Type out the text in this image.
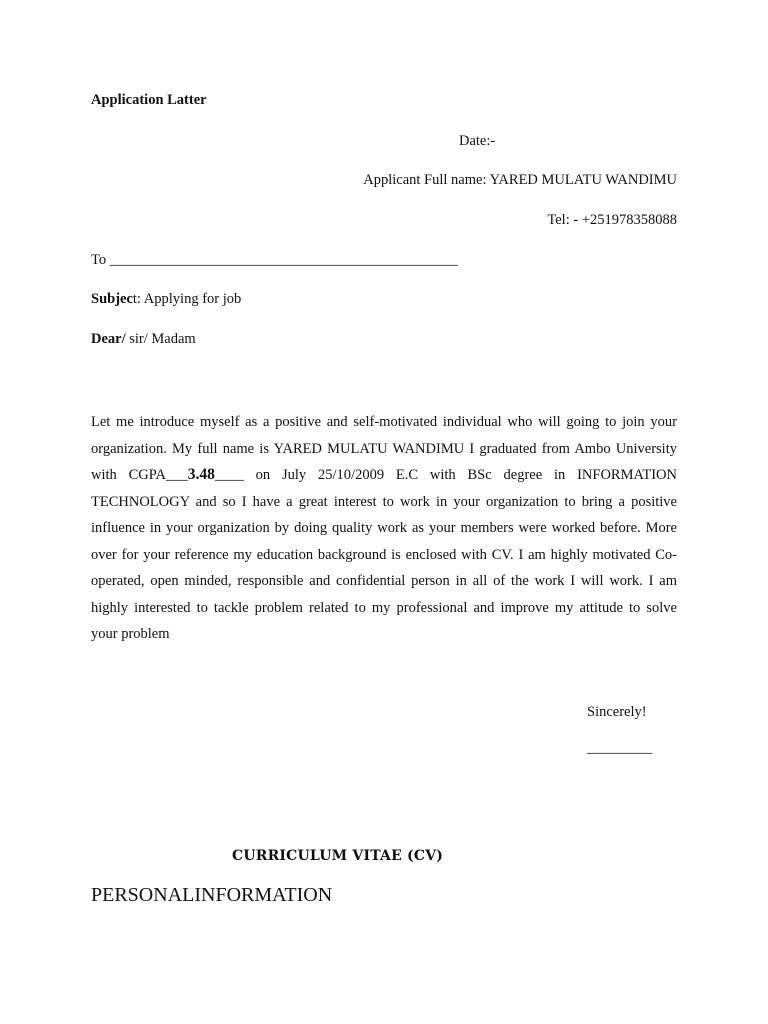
Application Latter
Date:-
Applicant Full name: YARED MULATU WANDIMU
Tel: - +251978358088
To ________________________________________________
Subject: Applying for job
Dear/ sir/ Madam
Let me introduce myself as a positive and self-motivated individual who will going to join your
organization. My full name is YARED MULATU WANDIMU I graduated from Ambo University
with CGPA___3.48____ on July 25/10/2009 E.C with BSc degree in INFORMATION
TECHNOLOGY and so I have a great interest to work in your organization to bring a positive
influence in your organization by doing quality work as your members were worked before. More
over for your reference my education background is enclosed with CV. I am highly motivated Co-
operated, open minded, responsible and confidential person in all of the work I will work. I am
highly interested to tackle problem related to my professional and improve my attitude to solve
your problem
Sincerely!
_________
CURRICULUM VITAE (CV)
PERSONALINFORMATION
